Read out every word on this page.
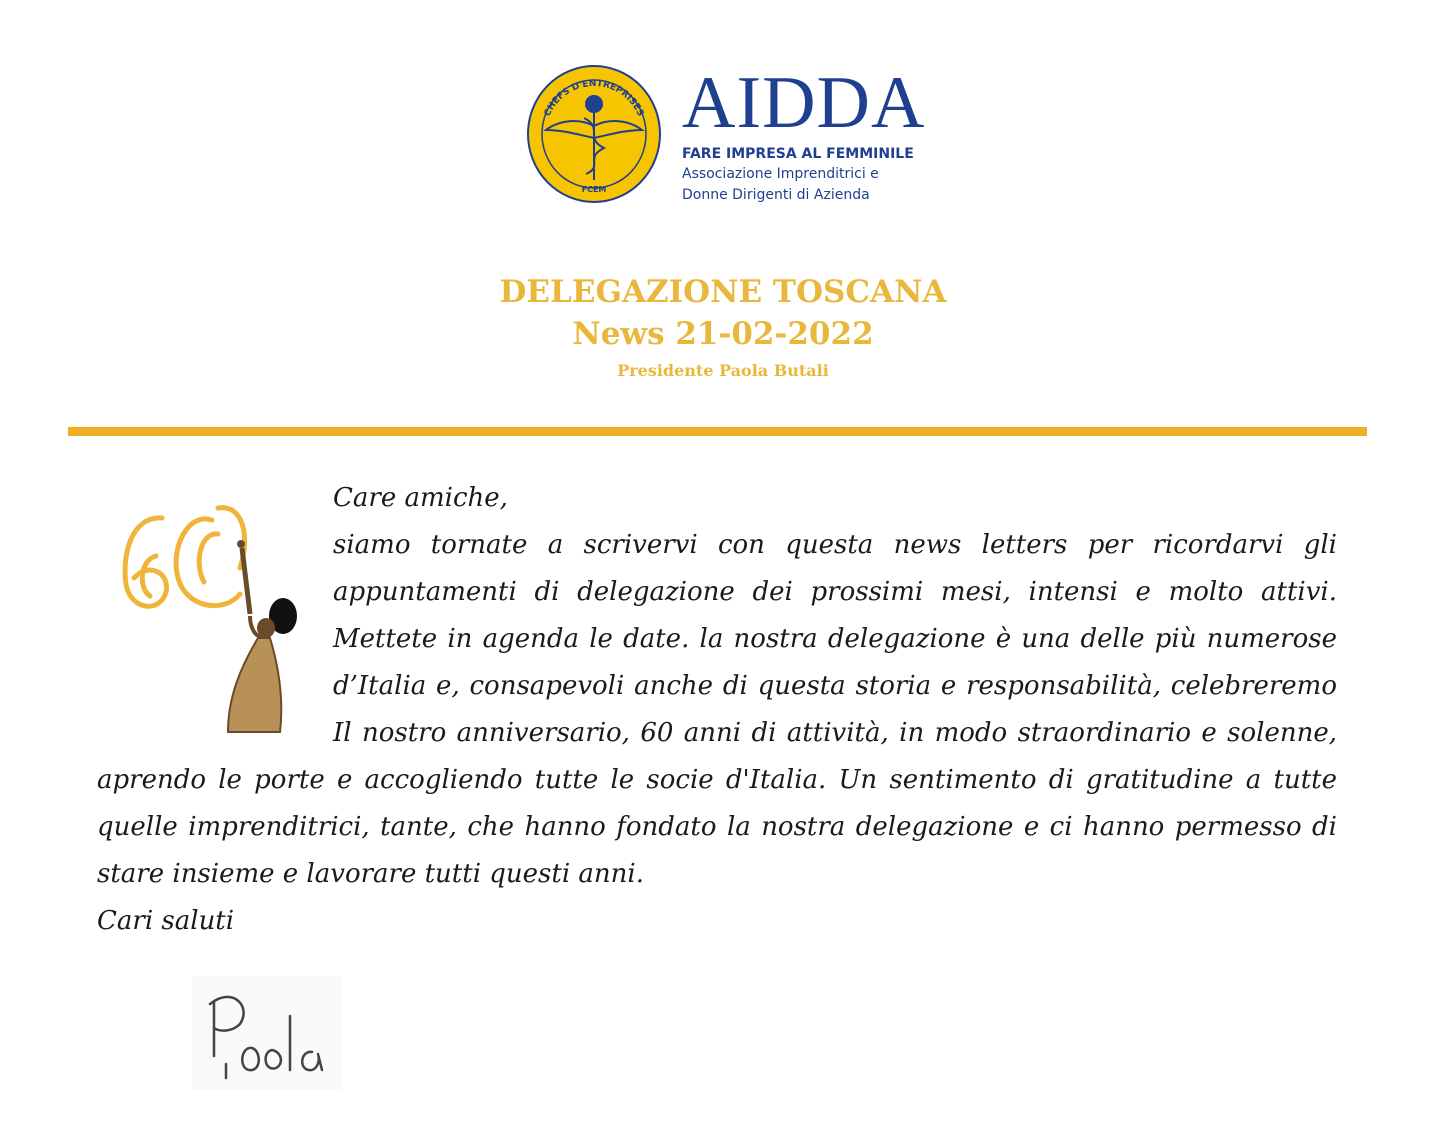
CHEFS D'ENTREPRISES
FCEM
AIDDA
FARE IMPRESA AL FEMMINILE
Associazione Imprenditrici e
Donne Dirigenti di Azienda

DELEGAZIONE TOSCANA

News 21-02-2022

Presidente Paola Butali

Care amiche,

siamo tornate a scrivervi con questa news letters per ricordarvi gli appuntamenti di delegazione dei prossimi mesi, intensi e molto attivi. Mettete in agenda le date. la nostra delegazione è una delle più numerose d’Italia e, consapevoli anche di questa storia e responsabilità, celebreremo Il nostro anniversario, 60 anni di attività, in modo straordinario e solenne, aprendo le porte e accogliendo tutte le socie d'Italia. Un sentimento di gratitudine a tutte quelle imprenditrici, tante, che hanno fondato la nostra delegazione e ci hanno permesso di stare insieme e lavorare tutti questi anni.

Cari saluti
